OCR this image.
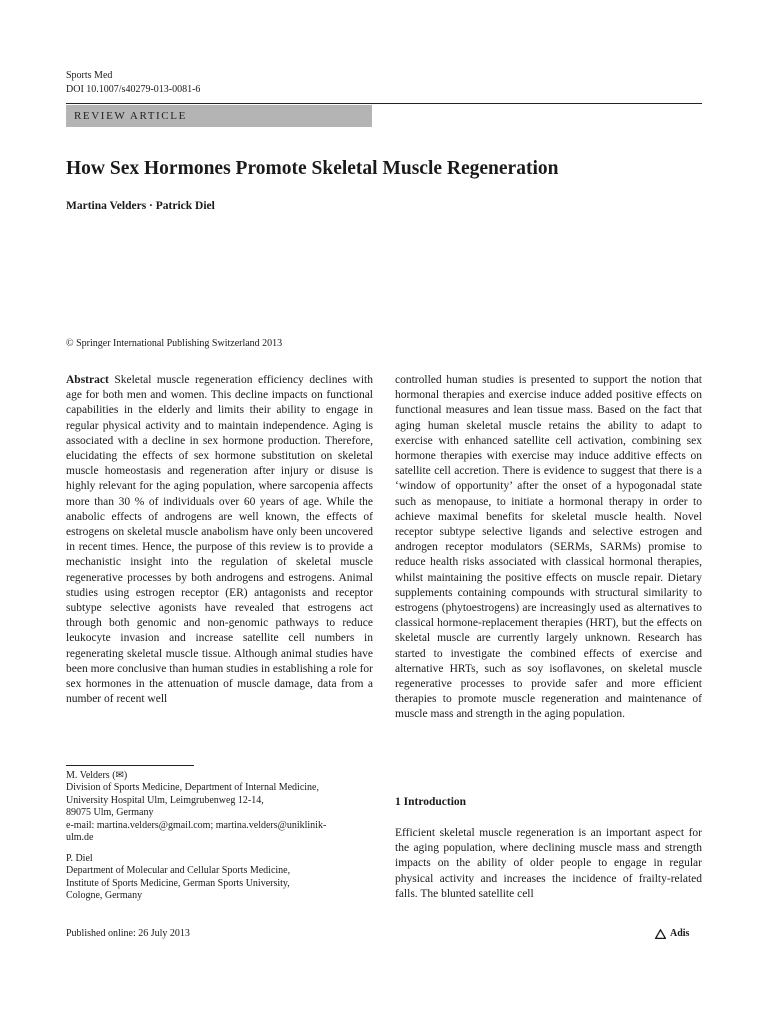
Sports Med
DOI 10.1007/s40279-013-0081-6
REVIEW ARTICLE
How Sex Hormones Promote Skeletal Muscle Regeneration
Martina Velders · Patrick Diel
© Springer International Publishing Switzerland 2013
Abstract Skeletal muscle regeneration efficiency declines with age for both men and women. This decline impacts on functional capabilities in the elderly and limits their ability to engage in regular physical activity and to maintain independence. Aging is associated with a decline in sex hormone production. Therefore, elucidating the effects of sex hormone substitution on skeletal muscle homeostasis and regeneration after injury or disuse is highly relevant for the aging population, where sarcopenia affects more than 30 % of individuals over 60 years of age. While the anabolic effects of androgens are well known, the effects of estrogens on skeletal muscle anabolism have only been uncovered in recent times. Hence, the purpose of this review is to provide a mechanistic insight into the regulation of skeletal muscle regenerative processes by both androgens and estrogens. Animal studies using estrogen receptor (ER) antagonists and receptor subtype selective agonists have revealed that estrogens act through both genomic and non-genomic pathways to reduce leukocyte invasion and increase satellite cell numbers in regenerating skeletal muscle tissue. Although animal studies have been more conclusive than human studies in establishing a role for sex hormones in the attenuation of muscle damage, data from a number of recent well
controlled human studies is presented to support the notion that hormonal therapies and exercise induce added positive effects on functional measures and lean tissue mass. Based on the fact that aging human skeletal muscle retains the ability to adapt to exercise with enhanced satellite cell activation, combining sex hormone therapies with exercise may induce additive effects on satellite cell accretion. There is evidence to suggest that there is a ‘window of opportunity’ after the onset of a hypogonadal state such as menopause, to initiate a hormonal therapy in order to achieve maximal benefits for skeletal muscle health. Novel receptor subtype selective ligands and selective estrogen and androgen receptor modulators (SERMs, SARMs) promise to reduce health risks associated with classical hormonal therapies, whilst maintaining the positive effects on muscle repair. Dietary supplements containing compounds with structural similarity to estrogens (phytoestrogens) are increasingly used as alternatives to classical hormone-replacement therapies (HRT), but the effects on skeletal muscle are currently largely unknown. Research has started to investigate the combined effects of exercise and alternative HRTs, such as soy isoflavones, on skeletal muscle regenerative processes to provide safer and more efficient therapies to promote muscle regeneration and maintenance of muscle mass and strength in the aging population.
M. Velders (✉)
Division of Sports Medicine, Department of Internal Medicine,
University Hospital Ulm, Leimgrubenweg 12-14,
89075 Ulm, Germany
e-mail: martina.velders@gmail.com; martina.velders@uniklinik-
ulm.de
P. Diel
Department of Molecular and Cellular Sports Medicine,
Institute of Sports Medicine, German Sports University,
Cologne, Germany
1 Introduction
Efficient skeletal muscle regeneration is an important aspect for the aging population, where declining muscle mass and strength impacts on the ability of older people to engage in regular physical activity and increases the incidence of frailty-related falls. The blunted satellite cell
Published online: 26 July 2013	Adis
